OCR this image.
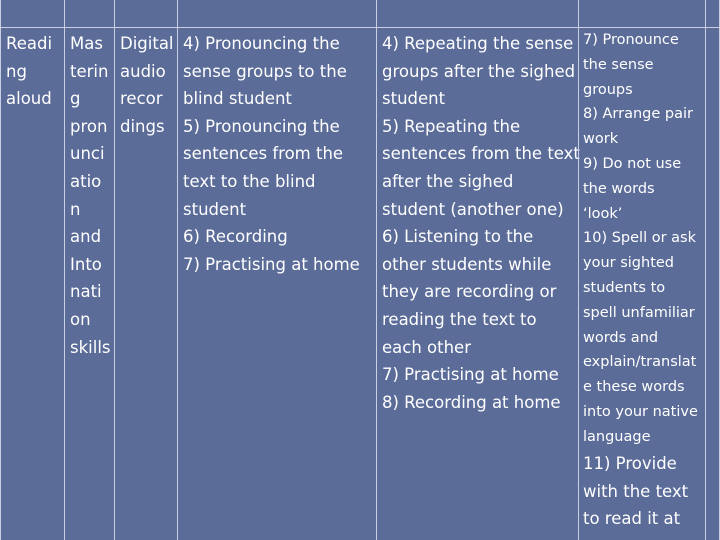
Readi
ng
aloud

Mas
terin
g
pron
unci
atio
n
and
Into
nati
on
skills

Digital
audio
recor
dings

4) Pronouncing the
sense groups to the
blind student
5) Pronouncing the
sentences from the
text to the blind
student
6) Recording
7) Practising at home

4) Repeating the sense
groups after the sighed
student
5) Repeating the
sentences from the text
after the sighed
student (another one)
6) Listening to the
other students while
they are recording or
reading the text to
each other
7) Practising at home
8) Recording at home

7) Pronounce
the sense
groups
8) Arrange pair
work
9) Do not use
the words
‘look’
10) Spell or ask
your sighted
students to
spell unfamiliar
words and
explain/translat
e these words
into your native
language

11) Provide
with the text
to read it at
